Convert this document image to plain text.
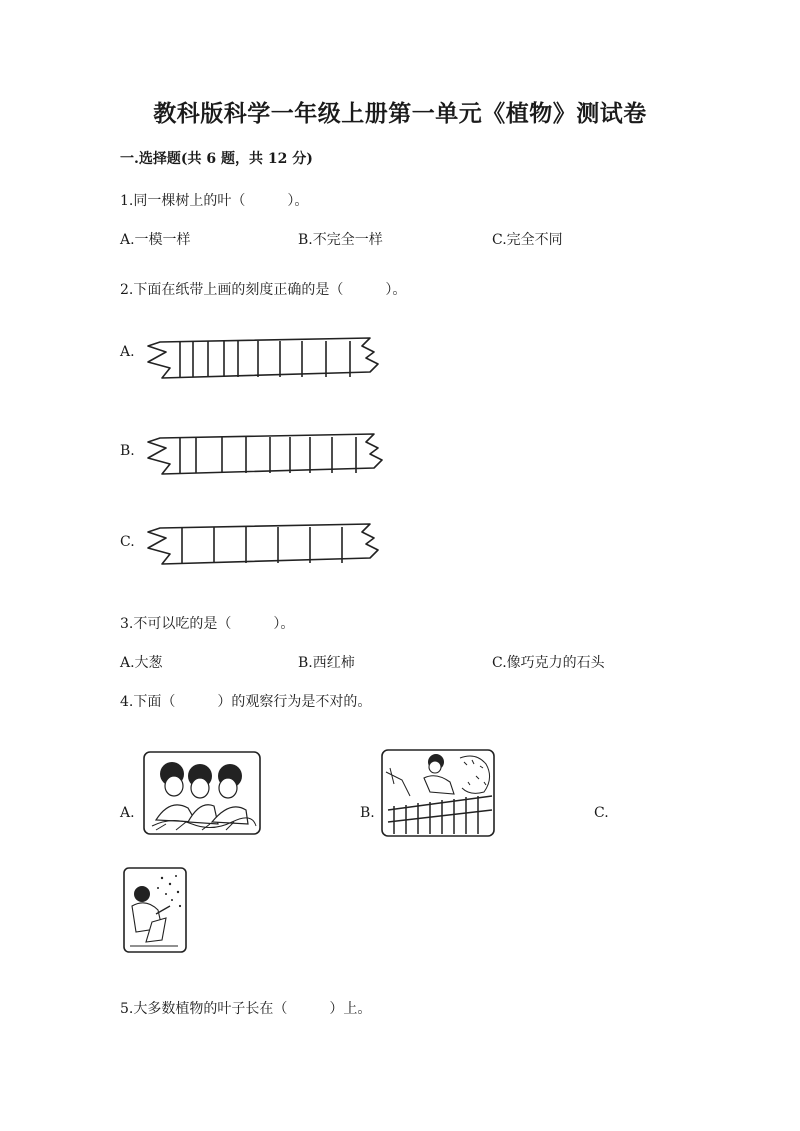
教科版科学一年级上册第一单元《植物》测试卷
一.选择题(共 6 题，共 12 分)
1.同一棵树上的叶（　　　）。
A.一模一样	B.不完全一样	C.完全不同
2.下面在纸带上画的刻度正确的是（　　　）。
A.
B.
C.
3.不可以吃的是（　　　）。
A.大葱	B.西红柿	C.像巧克力的石头
4.下面（　　　）的观察行为是不对的。
A.	B.	C.
5.大多数植物的叶子长在（　　　）上。
